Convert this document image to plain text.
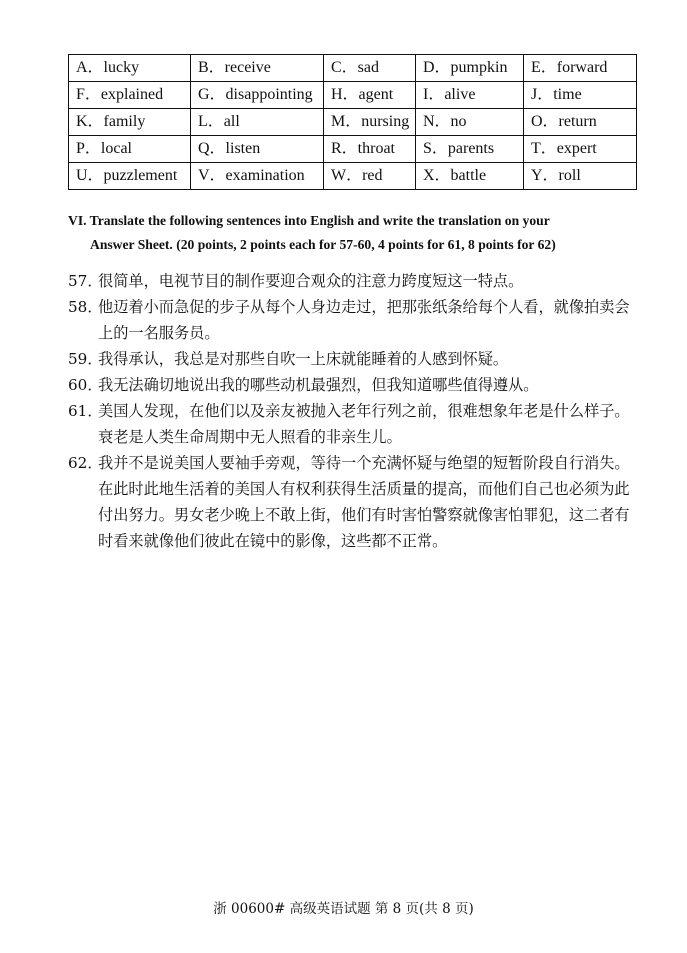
A．lucky	B．receive	C．sad	D．pumpkin	E．forward
F．explained	G．disappointing	H．agent	I．alive	J．time
K．family	L．all	M．nursing	N．no	O．return
P．local	Q．listen	R．throat	S．parents	T．expert
U．puzzlement	V．examination	W．red	X．battle	Y．roll
VI. Translate the following sentences into English and write the translation on your
Answer Sheet. (20 points, 2 points each for 57-60, 4 points for 61, 8 points for 62)
57．
很简单，电视节目的制作要迎合观众的注意力跨度短这一特点。
58．
他迈着小而急促的步子从每个人身边走过，把那张纸条给每个人看，就像拍卖会上的一名服务员。
59．
我得承认，我总是对那些自吹一上床就能睡着的人感到怀疑。
60．
我无法确切地说出我的哪些动机最强烈，但我知道哪些值得遵从。
61．
美国人发现，在他们以及亲友被抛入老年行列之前，很难想象年老是什么样子。衰老是人类生命周期中无人照看的非亲生儿。
62．
我并不是说美国人要袖手旁观，等待一个充满怀疑与绝望的短暂阶段自行消失。在此时此地生活着的美国人有权利获得生活质量的提高，而他们自己也必须为此付出努力。男女老少晚上不敢上街，他们有时害怕警察就像害怕罪犯，这二者有时看来就像他们彼此在镜中的影像，这些都不正常。
浙 00600# 高级英语试题 第 8 页(共 8 页)
